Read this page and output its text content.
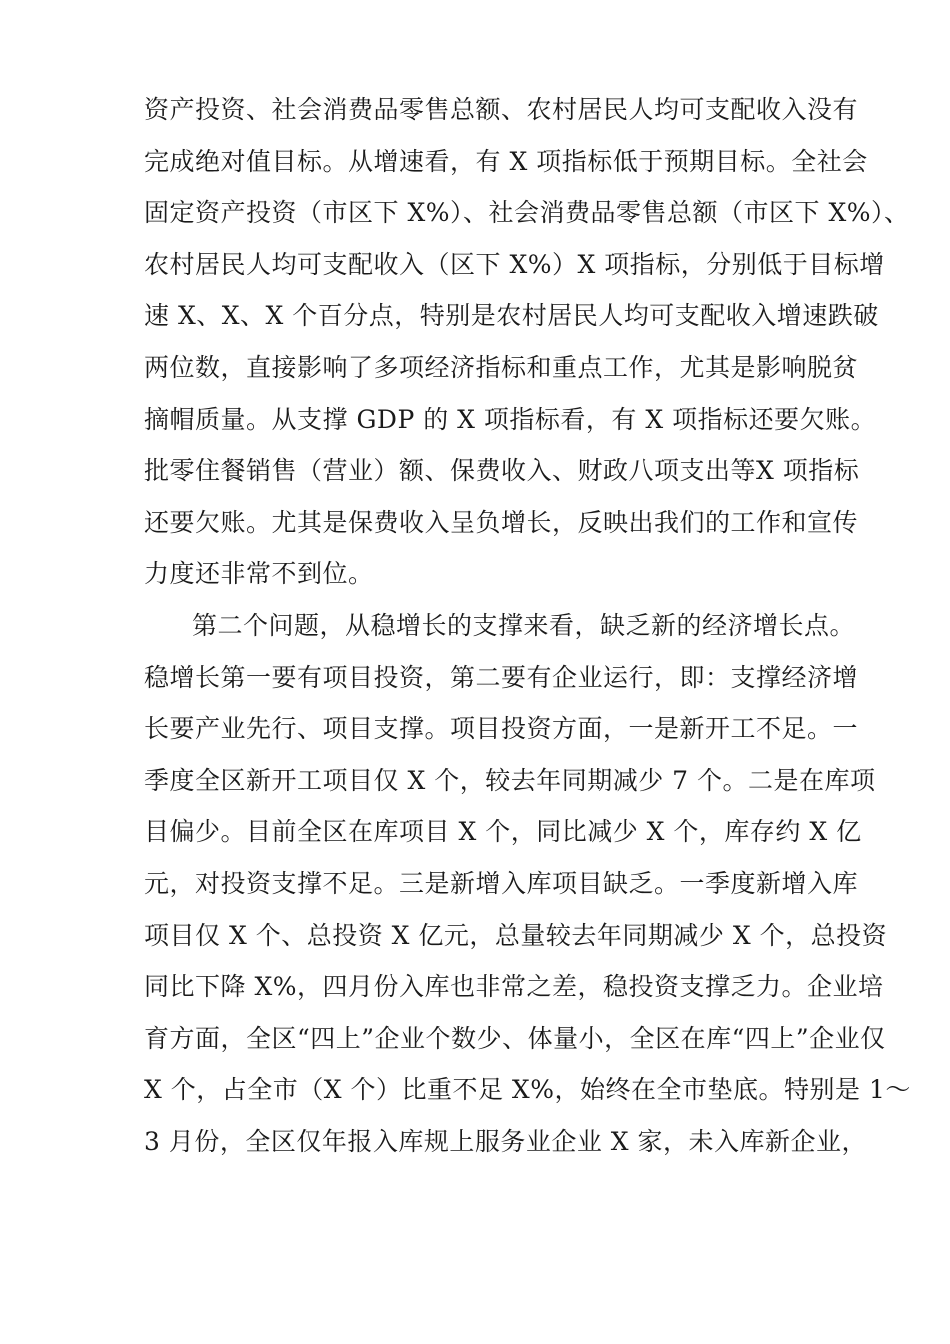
资产投资、社会消费品零售总额、农村居民人均可支配收入没有
完成绝对值目标。从增速看，有 X 项指标低于预期目标。全社会
固定资产投资（市区下 X%）、社会消费品零售总额（市区下 X%）、
农村居民人均可支配收入（区下 X%）X 项指标，分别低于目标增
速 X、X、X 个百分点，特别是农村居民人均可支配收入增速跌破
两位数，直接影响了多项经济指标和重点工作，尤其是影响脱贫
摘帽质量。从支撑 GDP 的 X 项指标看，有 X 项指标还要欠账。
批零住餐销售（营业）额、保费收入、财政八项支出等X 项指标
还要欠账。尤其是保费收入呈负增长，反映出我们的工作和宣传
力度还非常不到位。
第二个问题，从稳增长的支撑来看，缺乏新的经济增长点。
稳增长第一要有项目投资，第二要有企业运行，即：支撑经济增
长要产业先行、项目支撑。项目投资方面，一是新开工不足。一
季度全区新开工项目仅 X 个，较去年同期减少 7 个。二是在库项
目偏少。目前全区在库项目 X 个，同比减少 X 个，库存约 X 亿
元，对投资支撑不足。三是新增入库项目缺乏。一季度新增入库
项目仅 X 个、总投资 X 亿元，总量较去年同期减少 X 个，总投资
同比下降 X%，四月份入库也非常之差，稳投资支撑乏力。企业培
育方面，全区“四上”企业个数少、体量小，全区在库“四上”企业仅
X 个，占全市（X 个）比重不足 X%，始终在全市垫底。特别是 1～
3 月份，全区仅年报入库规上服务业企业 X 家，未入库新企业，
